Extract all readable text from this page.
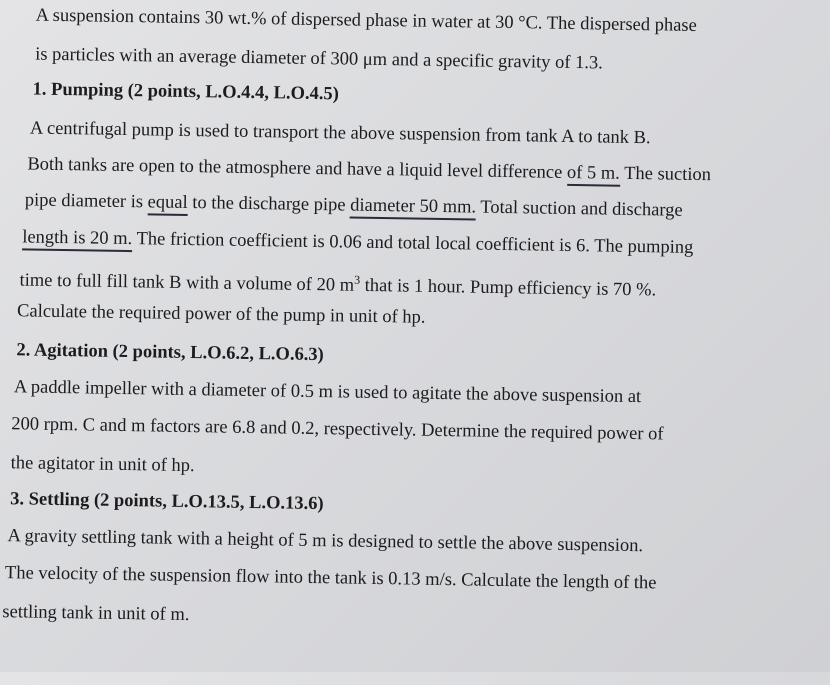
A suspension contains 30 wt.% of dispersed phase in water at 30 °C. The dispersed phase
is particles with an average diameter of 300 μm and a specific gravity of 1.3.
1. Pumping (2 points, L.O.4.4, L.O.4.5)
A centrifugal pump is used to transport the above suspension from tank A to tank B.
Both tanks are open to the atmosphere and have a liquid level difference of 5 m. The suction
pipe diameter is equal to the discharge pipe diameter 50 mm. Total suction and discharge
length is 20 m. The friction coefficient is 0.06 and total local coefficient is 6. The pumping
time to full fill tank B with a volume of 20 $m^3$ that is 1 hour. Pump efficiency is 70 %.
Calculate the required power of the pump in unit of hp.
2. Agitation (2 points, L.O.6.2, L.O.6.3)
A paddle impeller with a diameter of 0.5 m is used to agitate the above suspension at
200 rpm. C and m factors are 6.8 and 0.2, respectively. Determine the required power of
the agitator in unit of hp.
3. Settling (2 points, L.O.13.5, L.O.13.6)
A gravity settling tank with a height of 5 m is designed to settle the above suspension.
The velocity of the suspension flow into the tank is 0.13 m/s. Calculate the length of the
settling tank in unit of m.
